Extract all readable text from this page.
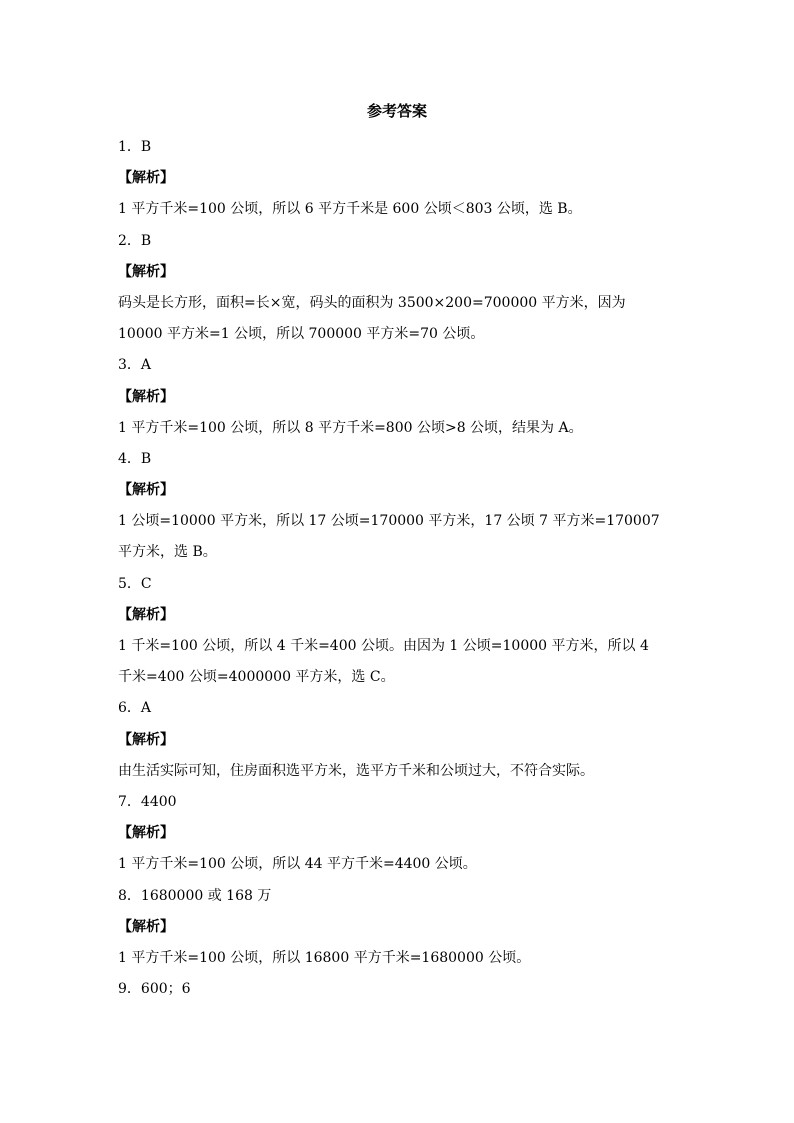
参考答案
1．B
【解析】
1 平方千米=100 公顷，所以 6 平方千米是 600 公顷＜803 公顷，选 B。
2．B
【解析】
码头是长方形，面积=长×宽，码头的面积为 3500×200=700000 平方米，因为
10000 平方米=1 公顷，所以 700000 平方米=70 公顷。
3．A
【解析】
1 平方千米=100 公顷，所以 8 平方千米=800 公顷>8 公顷，结果为 A。
4．B
【解析】
1 公顷=10000 平方米，所以 17 公顷=170000 平方米，17 公顷 7 平方米=170007
平方米，选 B。
5．C
【解析】
1 千米=100 公顷，所以 4 千米=400 公顷。由因为 1 公顷=10000 平方米，所以 4
千米=400 公顷=4000000 平方米，选 C。
6．A
【解析】
由生活实际可知，住房面积选平方米，选平方千米和公顷过大，不符合实际。
7．4400
【解析】
1 平方千米=100 公顷，所以 44 平方千米=4400 公顷。
8．1680000 或 168 万
【解析】
1 平方千米=100 公顷，所以 16800 平方千米=1680000 公顷。
9．600；6
